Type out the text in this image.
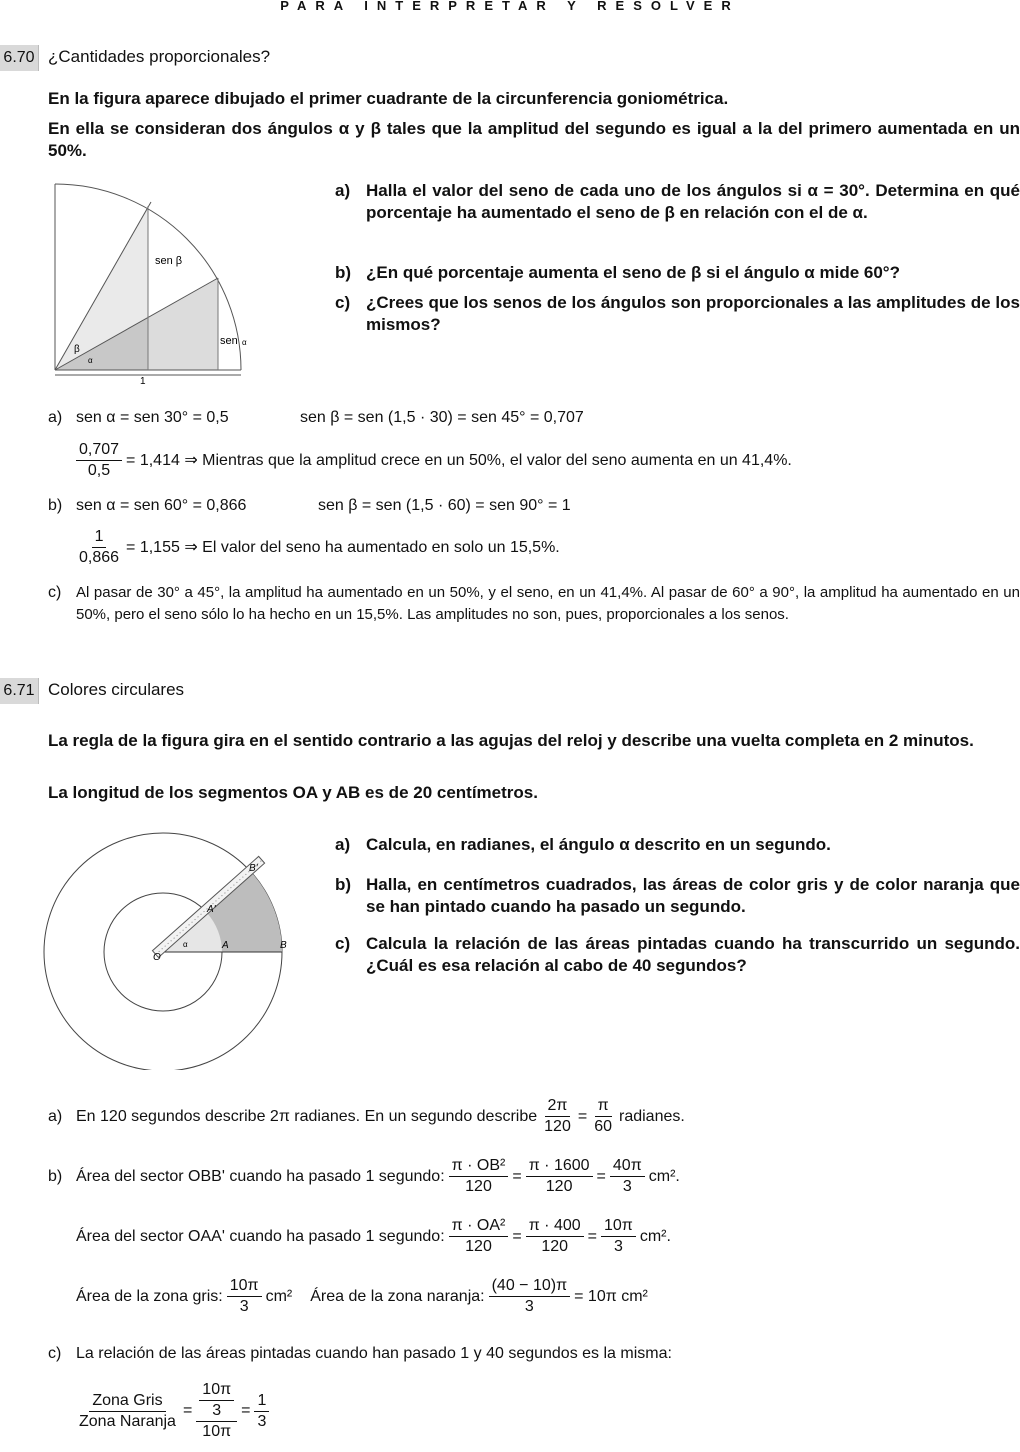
PARA INTERPRETAR Y RESOLVER
6.70 ¿Cantidades proporcionales?
En la figura aparece dibujado el primer cuadrante de la circunferencia goniométrica.
En ella se consideran dos ángulos α y β tales que la amplitud del segundo es igual a la del primero aumentada en un 50%.
sen β
sen α
β
α
1
a) Halla el valor del seno de cada uno de los ángulos si α = 30°. Determina en qué porcentaje ha aumentado el seno de β en relación con el de α.
b) ¿En qué porcentaje aumenta el seno de β si el ángulo α mide 60°?
c) ¿Crees que los senos de los ángulos son proporcionales a las amplitudes de los mismos?
a) sen α = sen 30° = 0,5	sen β = sen (1,5 · 30) = sen 45° = 0,707
$\frac{0,707}{0,5} = 1,414$ ⇒ Mientras que la amplitud crece en un 50%, el valor del seno aumenta en un 41,4%.
b) sen α = sen 60° = 0,866	sen β = sen (1,5 · 60) = sen 90° = 1
$\frac{1}{0,866} = 1,155$ ⇒ El valor del seno ha aumentado en solo un 15,5%.
c) Al pasar de 30° a 45°, la amplitud ha aumentado en un 50%, y el seno, en un 41,4%. Al pasar de 60° a 90°, la amplitud ha aumentado en un 50%, pero el seno sólo lo ha hecho en un 15,5%. Las amplitudes no son, pues, proporcionales a los senos.
6.71 Colores circulares
La regla de la figura gira en el sentido contrario a las agujas del reloj y describe una vuelta completa en 2 minutos.
La longitud de los segmentos OA y AB es de 20 centímetros.
O
A	B
A'
B'
α
a) Calcula, en radianes, el ángulo α descrito en un segundo.
b) Halla, en centímetros cuadrados, las áreas de color gris y de color naranja que se han pintado cuando ha pasado un segundo.
c) Calcula la relación de las áreas pintadas cuando ha transcurrido un segundo. ¿Cuál es esa relación al cabo de 40 segundos?
a) En 120 segundos describe 2π radianes. En un segundo describe $\frac{2\pi}{120} = \frac{\pi}{60}$ radianes.
b) Área del sector OBB' cuando ha pasado 1 segundo: $\frac{\text{π · OB²}}{120} = \frac{\pi \cdot 1600}{120} = \frac{40\pi}{3} cm^2$.
Área del sector OAA' cuando ha pasado 1 segundo: $\frac{\text{π · OA²}}{120} = \frac{\pi \cdot 400}{120} = \frac{10\pi}{3} cm^2$.
Área de la zona gris: $\frac{10\pi}{3} cm^2$ Área de la zona naranja: $\frac{(40 - 10)\pi}{3} = 10\pi$ cm²
c) La relación de las áreas pintadas cuando han pasado 1 y 40 segundos es la misma:
$\frac{\text{Zona Gris}}{\text{Zona Naranja}} = \frac{\frac{10\pi}{3}}{10\pi} = \frac{1}{3}$
